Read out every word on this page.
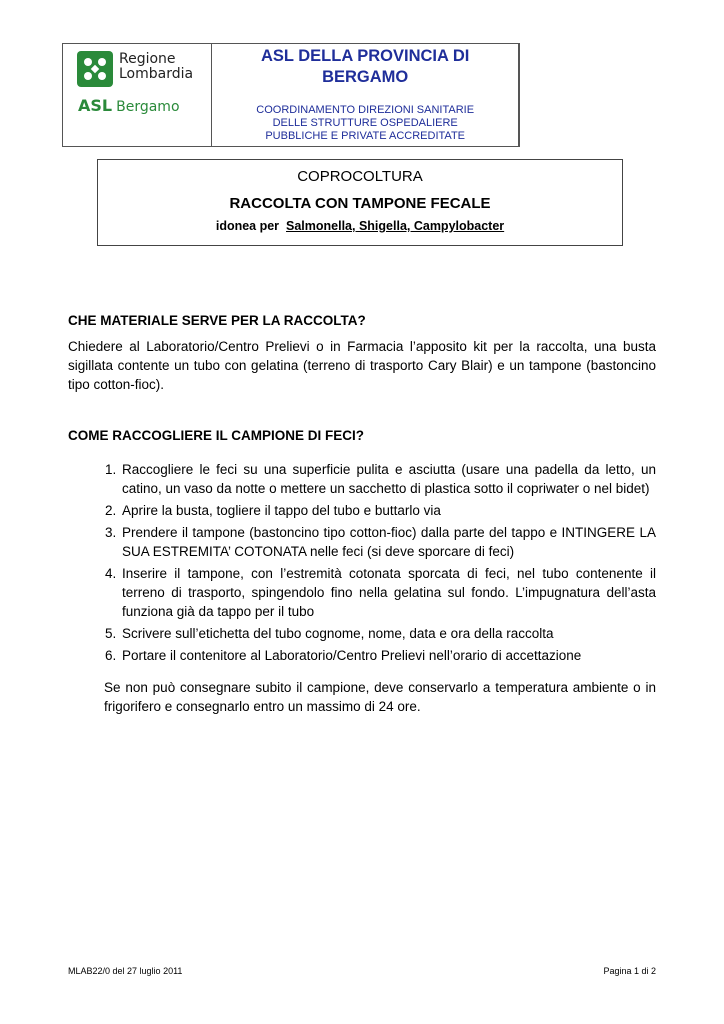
Regione
Lombardia
ASL Bergamo
ASL DELLA PROVINCIA DI
BERGAMO
COORDINAMENTO DIREZIONI SANITARIE
DELLE STRUTTURE OSPEDALIERE
PUBBLICHE E PRIVATE ACCREDITATE
COPROCOLTURA
RACCOLTA CON TAMPONE FECALE
idonea per Salmonella, Shigella, Campylobacter
CHE MATERIALE SERVE PER LA RACCOLTA?
Chiedere al Laboratorio/Centro Prelievi o in Farmacia l’apposito kit per la raccolta, una busta sigillata contente un tubo con gelatina (terreno di trasporto Cary Blair) e un tampone (bastoncino tipo cotton-fioc).
COME RACCOGLIERE IL CAMPIONE DI FECI?
1. Raccogliere le feci su una superficie pulita e asciutta (usare una padella da letto, un catino, un vaso da notte o mettere un sacchetto di plastica sotto il copriwater o nel bidet)
2. Aprire la busta, togliere il tappo del tubo e buttarlo via
3. Prendere il tampone (bastoncino tipo cotton-fioc) dalla parte del tappo e INTINGERE LA SUA ESTREMITA’ COTONATA nelle feci (si deve sporcare di feci)
4. Inserire il tampone, con l’estremità cotonata sporcata di feci, nel tubo contenente il terreno di trasporto, spingendolo fino nella gelatina sul fondo. L’impugnatura dell’asta funziona già da tappo per il tubo
5. Scrivere sull’etichetta del tubo cognome, nome, data e ora della raccolta
6. Portare il contenitore al Laboratorio/Centro Prelievi nell’orario di accettazione
Se non può consegnare subito il campione, deve conservarlo a temperatura ambiente o in frigorifero e consegnarlo entro un massimo di 24 ore.
MLAB22/0 del 27 luglio 2011	Pagina 1 di 2
